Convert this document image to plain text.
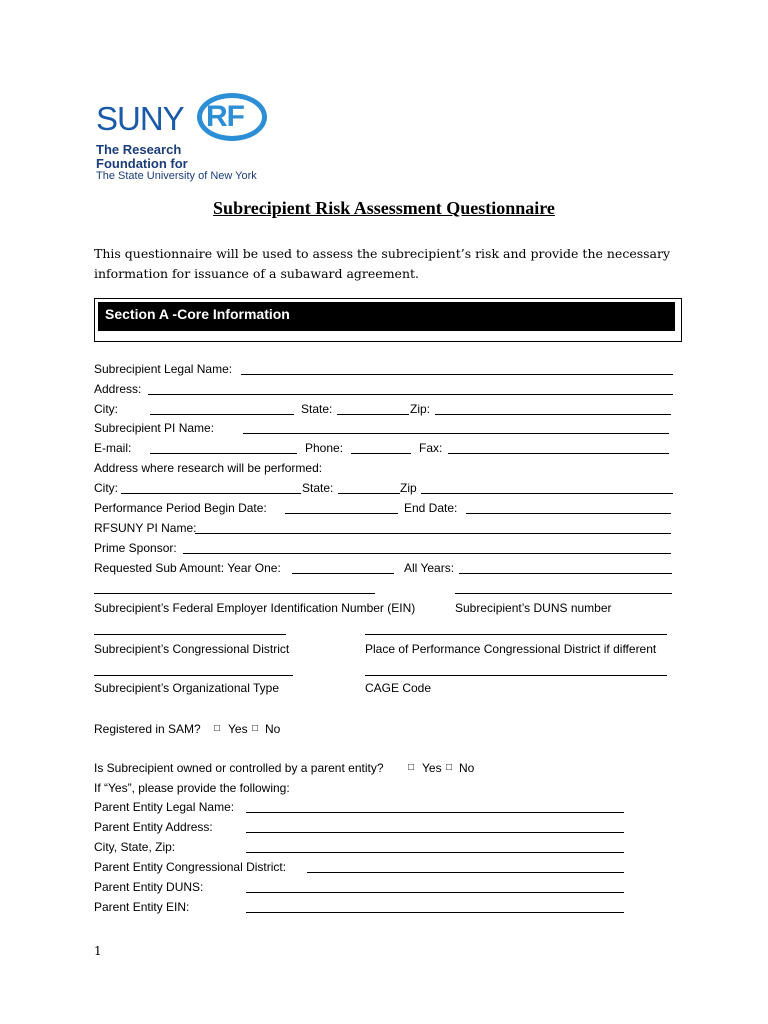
SUNY RF
The Research
Foundation for
The State University of New York
Subrecipient Risk Assessment Questionnaire
This questionnaire will be used to assess the subrecipient’s risk and provide the necessary information for issuance of a subaward agreement.
Section A -Core Information
Subrecipient Legal Name:
Address:
City:	State:	Zip:
Subrecipient PI Name:
E-mail:	Phone:	Fax:
Address where research will be performed:
City:	State:	Zip
Performance Period Begin Date:	End Date:
RFSUNY PI Name:
Prime Sponsor:
Requested Sub Amount: Year One:	All Years:
Subrecipient’s Federal Employer Identification Number (EIN)	Subrecipient’s DUNS number
Subrecipient’s Congressional District	Place of Performance Congressional District if different
Subrecipient’s Organizational Type	CAGE Code
Registered in SAM? □ Yes □ No
Is Subrecipient owned or controlled by a parent entity? □ Yes □ No
If “Yes”, please provide the following:
Parent Entity Legal Name:
Parent Entity Address:
City, State, Zip:
Parent Entity Congressional District:
Parent Entity DUNS:
Parent Entity EIN:
1
